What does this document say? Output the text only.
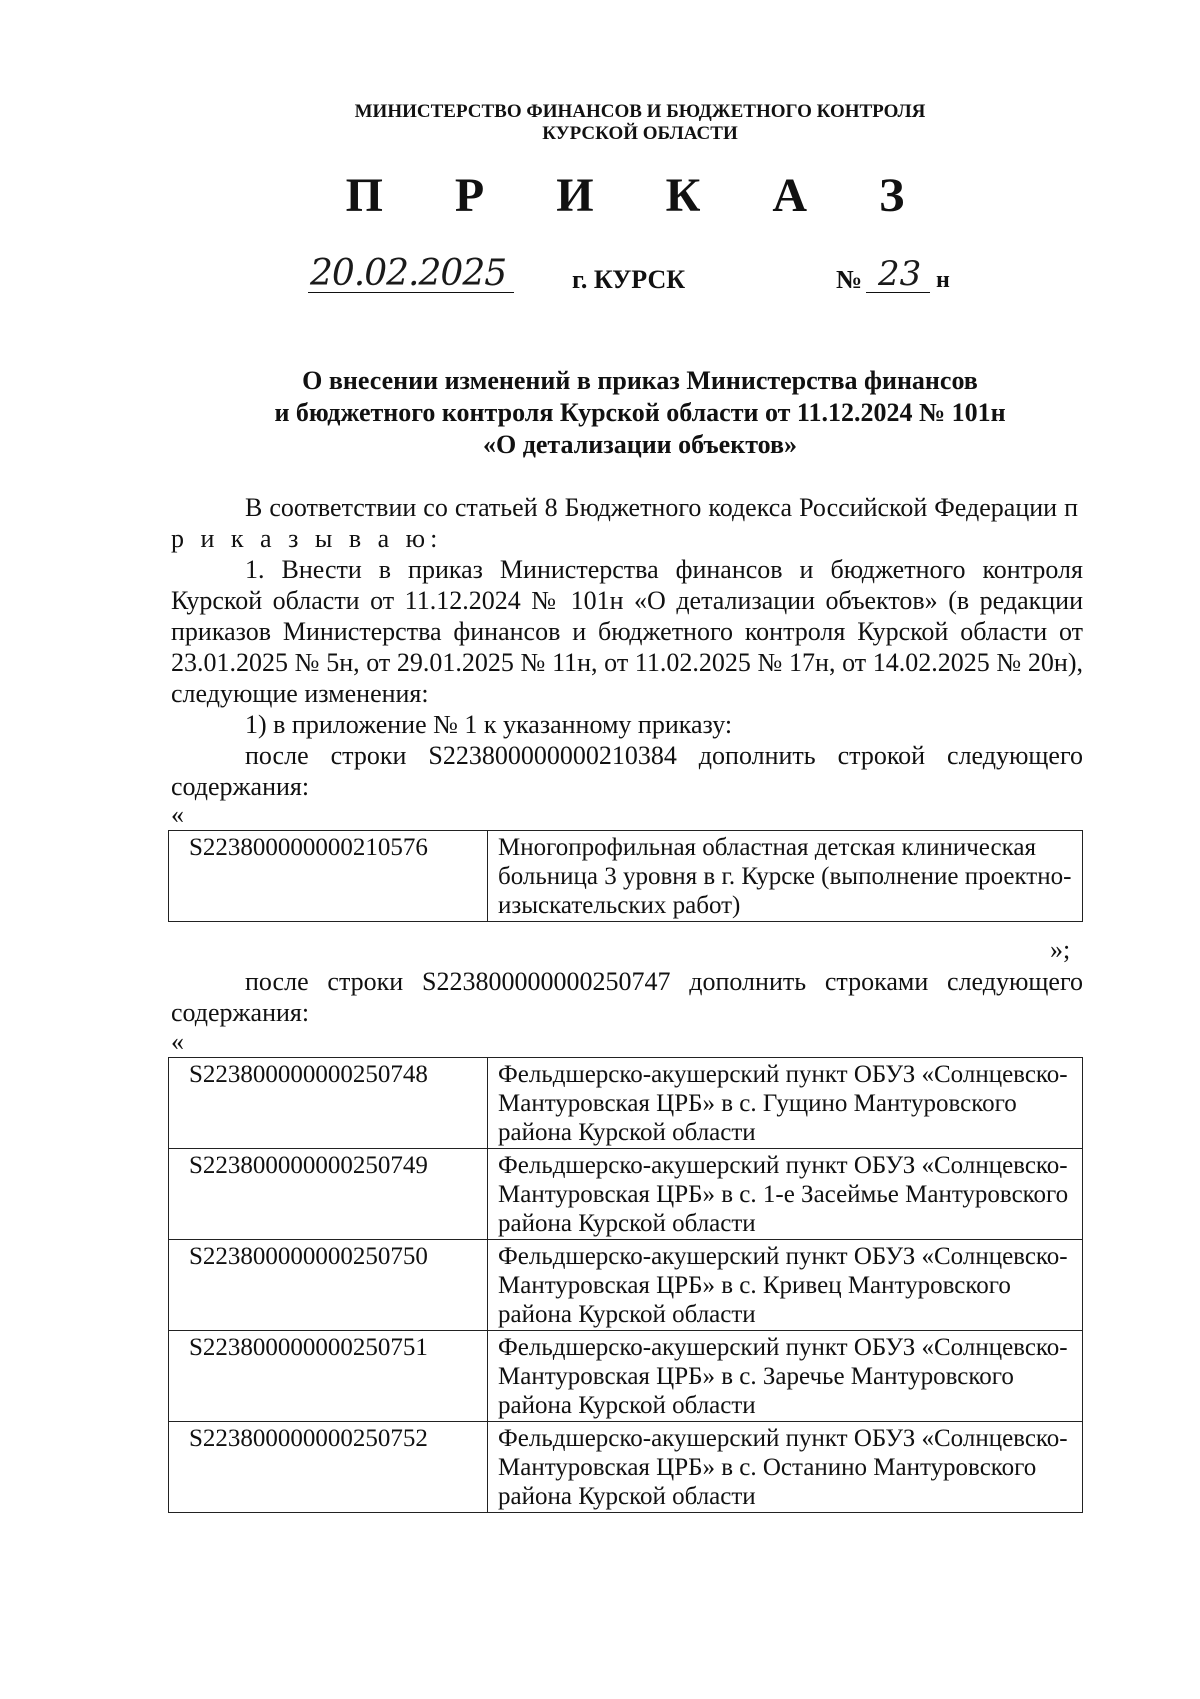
МИНИСТЕРСТВО ФИНАНСОВ И БЮДЖЕТНОГО КОНТРОЛЯ
КУРСКОЙ ОБЛАСТИ
П Р И К А З
20.02.2025	г. КУРСК	№ 23 н
О внесении изменений в приказ Министерства финансов
и бюджетного контроля Курской области от 11.12.2024 № 101н
«О детализации объектов»
В соответствии со статьей 8 Бюджетного кодекса Российской Федерации п р и к а з ы в а ю:
1. Внести в приказ Министерства финансов и бюджетного контроля Курской области от 11.12.2024 № 101н «О детализации объектов» (в редакции приказов Министерства финансов и бюджетного контроля Курской области от 23.01.2025 № 5н, от 29.01.2025 № 11н, от 11.02.2025 № 17н, от 14.02.2025 № 20н), следующие изменения:
1) в приложение № 1 к указанному приказу:
после строки S223800000000210384 дополнить строкой следующего содержания:
«
S223800000000210576	Многопрофильная областная детская клиническая больница 3 уровня в г. Курске (выполнение проектно-изыскательских работ)
»;
после строки S223800000000250747 дополнить строками следующего содержания:
«
S223800000000250748	Фельдшерско-акушерский пункт ОБУЗ «Солнцевско-Мантуровская ЦРБ» в с. Гущино Мантуровского района Курской области
S223800000000250749	Фельдшерско-акушерский пункт ОБУЗ «Солнцевско-Мантуровская ЦРБ» в с. 1-е Засеймье Мантуровского района Курской области
S223800000000250750	Фельдшерско-акушерский пункт ОБУЗ «Солнцевско-Мантуровская ЦРБ» в с. Кривец Мантуровского района Курской области
S223800000000250751	Фельдшерско-акушерский пункт ОБУЗ «Солнцевско-Мантуровская ЦРБ» в с. Заречье Мантуровского района Курской области
S223800000000250752	Фельдшерско-акушерский пункт ОБУЗ «Солнцевско-Мантуровская ЦРБ» в с. Останино Мантуровского района Курской области
